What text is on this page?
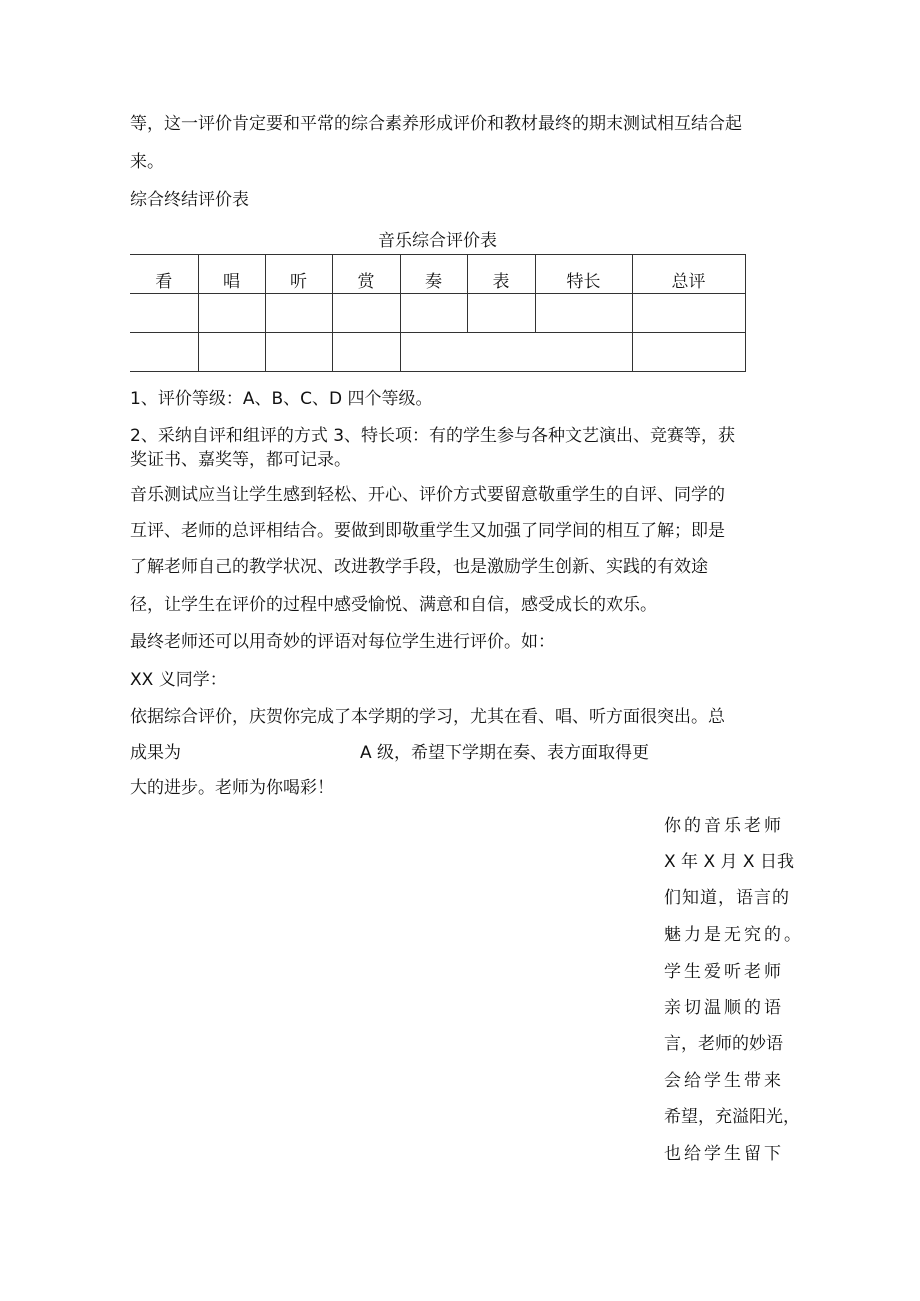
等，这一评价肯定要和平常的综合素养形成评价和教材最终的期末测试相互结合起
来。
综合终结评价表
音乐综合评价表
看	唱	听	赏	奏	表	特长	总评

1、评价等级：A、B、C、D 四个等级。
2、采纳自评和组评的方式 3、特长项：有的学生参与各种文艺演出、竞赛等，获
奖证书、嘉奖等，都可记录。
音乐测试应当让学生感到轻松、开心、评价方式要留意敬重学生的自评、同学的
互评、老师的总评相结合。要做到即敬重学生又加强了同学间的相互了解；即是
了解老师自己的教学状况、改进教学手段，也是激励学生创新、实践的有效途
径，让学生在评价的过程中感受愉悦、满意和自信，感受成长的欢乐。
最终老师还可以用奇妙的评语对每位学生进行评价。如：
XX 义同学：
依据综合评价，庆贺你完成了本学期的学习，尤其在看、唱、听方面很突出。总
成果为	A 级，希望下学期在奏、表方面取得更
大的进步。老师为你喝彩！
你的音乐老师
X 年 X 月 X 日我
们知道，语言的
魅力是无究的。
学生爱听老师
亲切温顺的语
言，老师的妙语
会给学生带来
希望，充溢阳光，
也给学生留下
